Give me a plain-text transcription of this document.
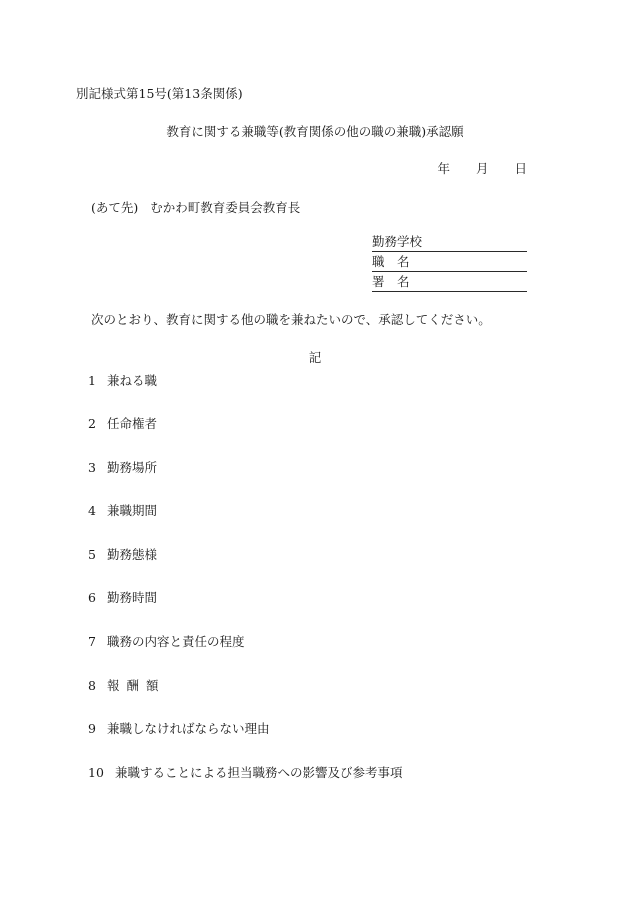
別記様式第15号(第13条関係)
教育に関する兼職等(教育関係の他の職の兼職)承認願
年 月 日
(あて先) むかわ町教育委員会教育長
勤務学校
職　名
署　名
次のとおり、教育に関する他の職を兼ねたいので、承認してください。
記
1 兼ねる職
2 任命権者
3 勤務場所
4 兼職期間
5 勤務態様
6 勤務時間
7 職務の内容と責任の程度
8 報酬額
9 兼職しなければならない理由
10 兼職することによる担当職務への影響及び参考事項
